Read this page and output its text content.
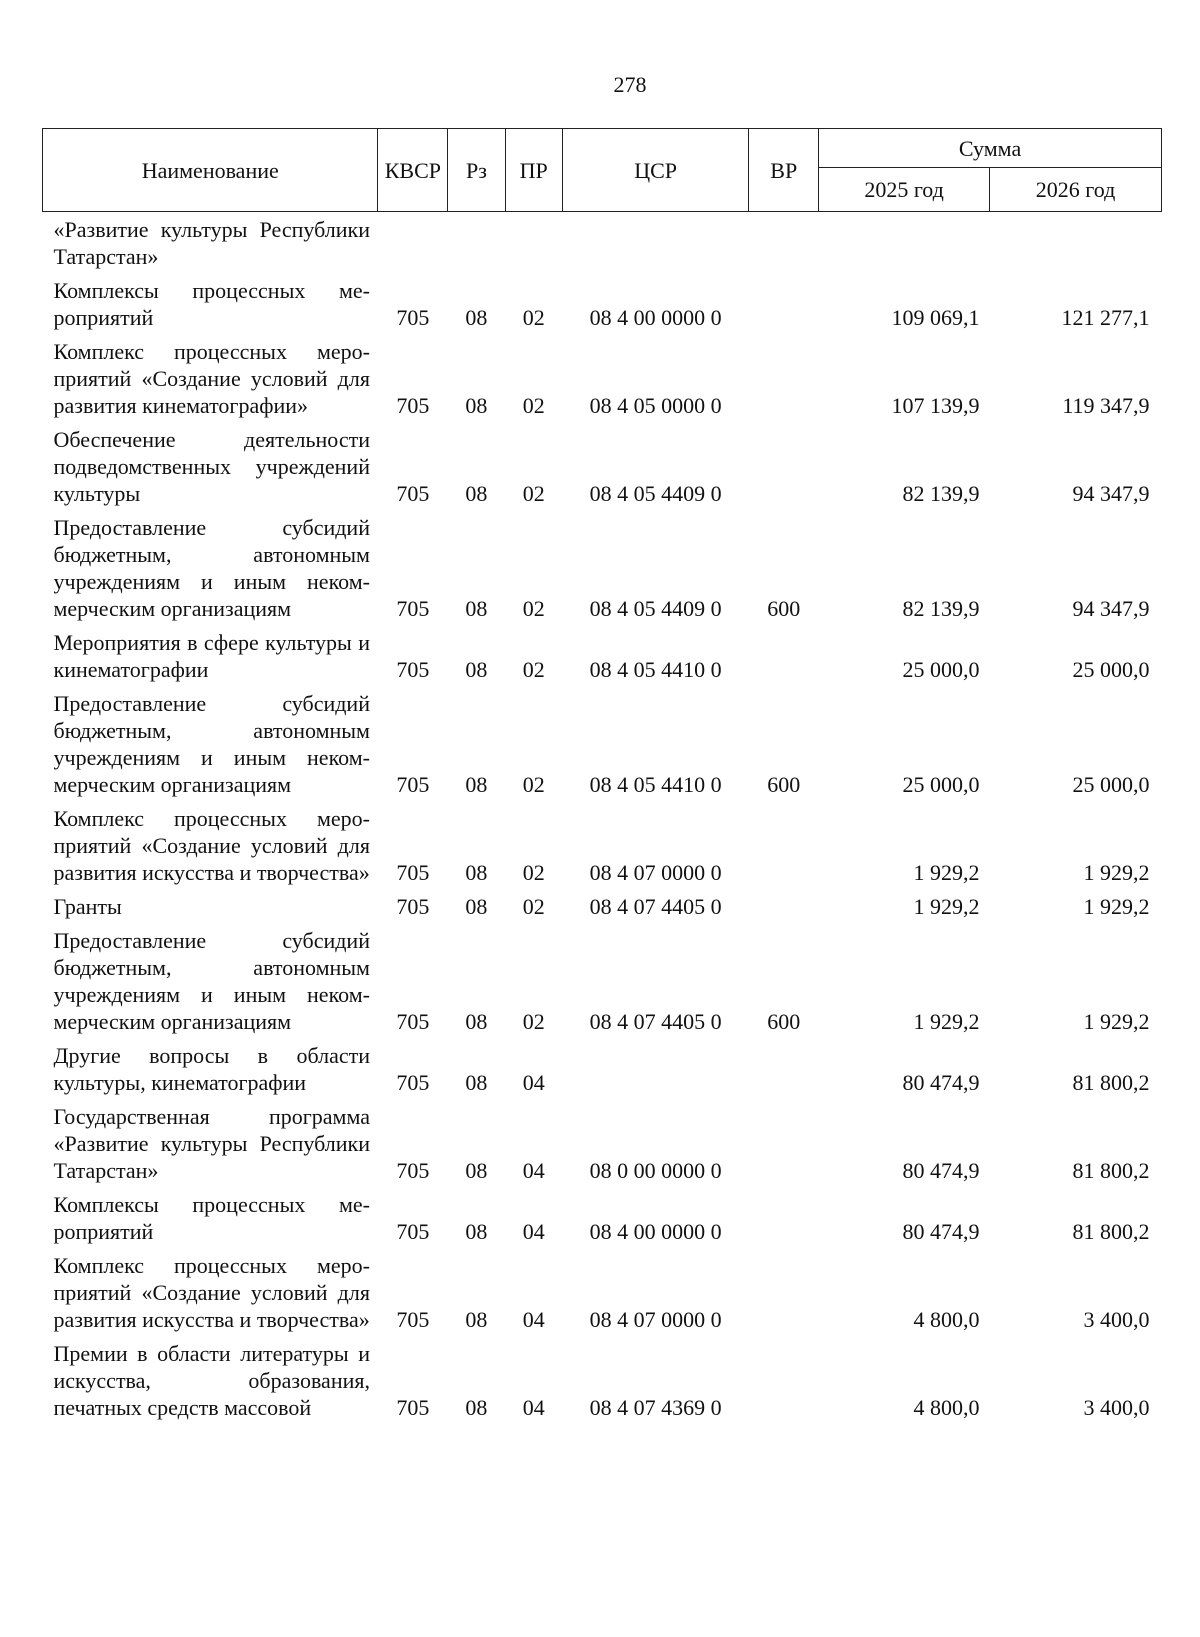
278
Наименование	КВСР	Рз	ПР	ЦСР	ВР	Сумма	
						2025 год	2026 год
«Развитие культуры Республики Татарстан»							
Комплексы процессных мероприятий	705	08	02	08 4 00 0000 0		109 069,1	121 277,1
Комплекс процессных мероприятий «Создание условий для развития кинематографии»	705	08	02	08 4 05 0000 0		107 139,9	119 347,9
Обеспечение деятельности подведомственных учреждений культуры	705	08	02	08 4 05 4409 0		82 139,9	94 347,9
Предоставление субсидий бюджетным, автономным учреждениям и иным некоммерческим организациям	705	08	02	08 4 05 4409 0	600	82 139,9	94 347,9
Мероприятия в сфере культуры и кинематографии	705	08	02	08 4 05 4410 0		25 000,0	25 000,0
Предоставление субсидий бюджетным, автономным учреждениям и иным некоммерческим организациям	705	08	02	08 4 05 4410 0	600	25 000,0	25 000,0
Комплекс процессных мероприятий «Создание условий для развития искусства и творчества»	705	08	02	08 4 07 0000 0		1 929,2	1 929,2
Гранты	705	08	02	08 4 07 4405 0		1 929,2	1 929,2
Предоставление субсидий бюджетным, автономным учреждениям и иным некоммерческим организациям	705	08	02	08 4 07 4405 0	600	1 929,2	1 929,2
Другие вопросы в области культуры, кинематографии	705	08	04			80 474,9	81 800,2
Государственная программа «Развитие культуры Республики Татарстан»	705	08	04	08 0 00 0000 0		80 474,9	81 800,2
Комплексы процессных мероприятий	705	08	04	08 4 00 0000 0		80 474,9	81 800,2
Комплекс процессных мероприятий «Создание условий для развития искусства и творчества»	705	08	04	08 4 07 0000 0		4 800,0	3 400,0
Премии в области литературы и искусства, образования, печатных средств массовой	705	08	04	08 4 07 4369 0		4 800,0	3 400,0
